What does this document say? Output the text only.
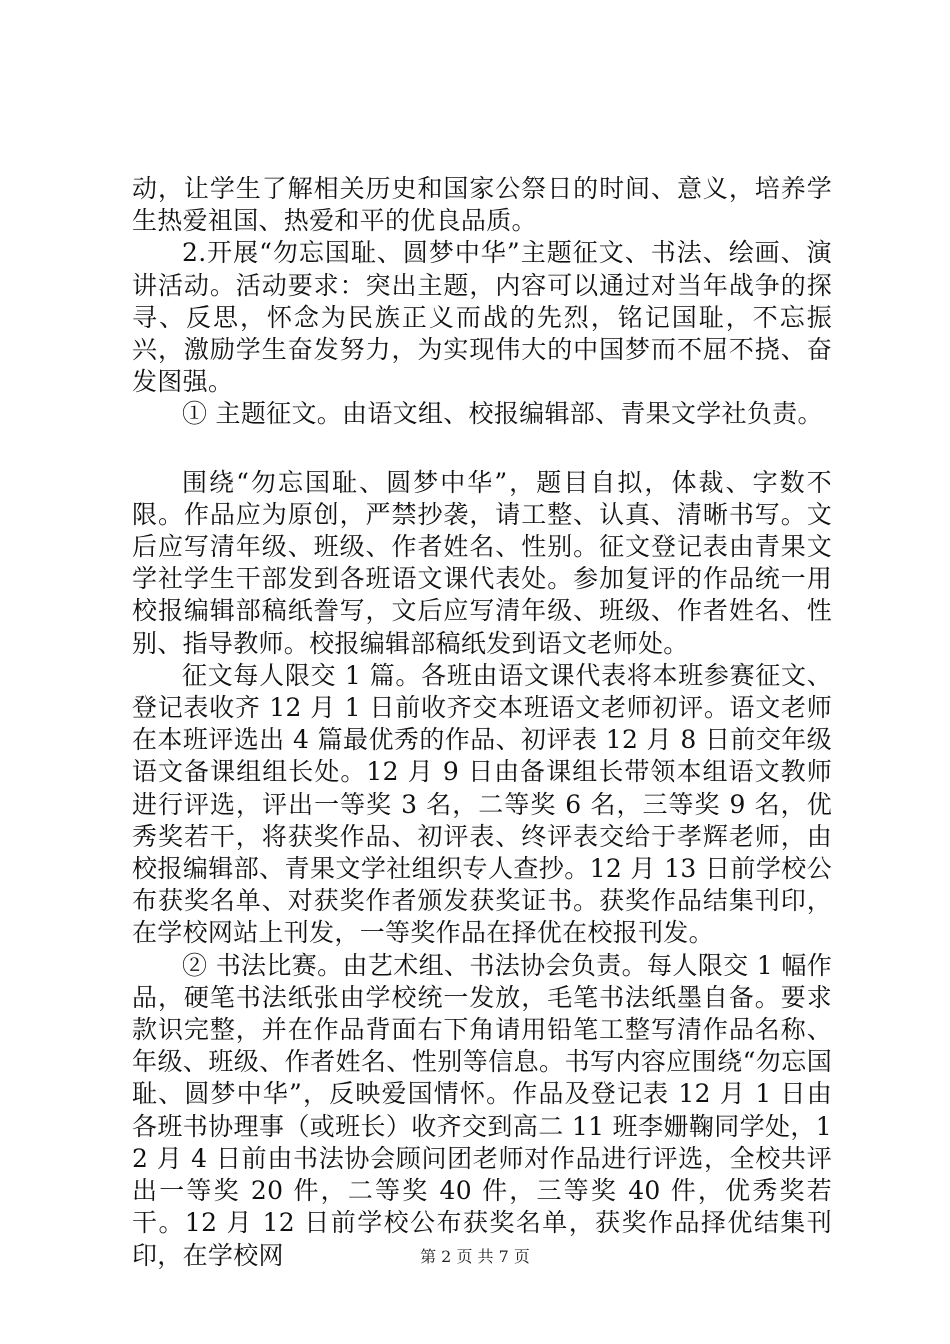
动，让学生了解相关历史和国家公祭日的时间、意义，培养学生热爱祖国、热爱和平的优良品质。

2.开展“勿忘国耻、圆梦中华”主题征文、书法、绘画、演讲活动。活动要求：突出主题，内容可以通过对当年战争的探寻、反思，怀念为民族正义而战的先烈，铭记国耻，不忘振兴，激励学生奋发努力，为实现伟大的中国梦而不屈不挠、奋发图强。

① 主题征文。由语文组、校报编辑部、青果文学社负责。

围绕“勿忘国耻、圆梦中华”，题目自拟，体裁、字数不限。作品应为原创，严禁抄袭，请工整、认真、清晰书写。文后应写清年级、班级、作者姓名、性别。征文登记表由青果文学社学生干部发到各班语文课代表处。参加复评的作品统一用校报编辑部稿纸誊写，文后应写清年级、班级、作者姓名、性别、指导教师。校报编辑部稿纸发到语文老师处。

征文每人限交 1 篇。各班由语文课代表将本班参赛征文、登记表收齐 12 月 1 日前收齐交本班语文老师初评。语文老师在本班评选出 4 篇最优秀的作品、初评表 12 月 8 日前交年级语文备课组组长处。12 月 9 日由备课组长带领本组语文教师进行评选，评出一等奖 3 名，二等奖 6 名，三等奖 9 名，优秀奖若干，将获奖作品、初评表、终评表交给于孝辉老师，由校报编辑部、青果文学社组织专人查抄。12 月 13 日前学校公布获奖名单、对获奖作者颁发获奖证书。获奖作品结集刊印，在学校网站上刊发，一等奖作品在择优在校报刊发。

② 书法比赛。由艺术组、书法协会负责。每人限交 1 幅作品，硬笔书法纸张由学校统一发放，毛笔书法纸墨自备。要求款识完整，并在作品背面右下角请用铅笔工整写清作品名称、年级、班级、作者姓名、性别等信息。书写内容应围绕“勿忘国耻、圆梦中华”，反映爱国情怀。作品及登记表 12 月 1 日由各班书协理事（或班长）收齐交到高二 11 班李姗鞠同学处，12 月 4 日前由书法协会顾问团老师对作品进行评选，全校共评出一等奖 20 件，二等奖 40 件，三等奖 40 件，优秀奖若干。12 月 12 日前学校公布获奖名单，获奖作品择优结集刊印，在学校网	第 2 页 共 7 页
